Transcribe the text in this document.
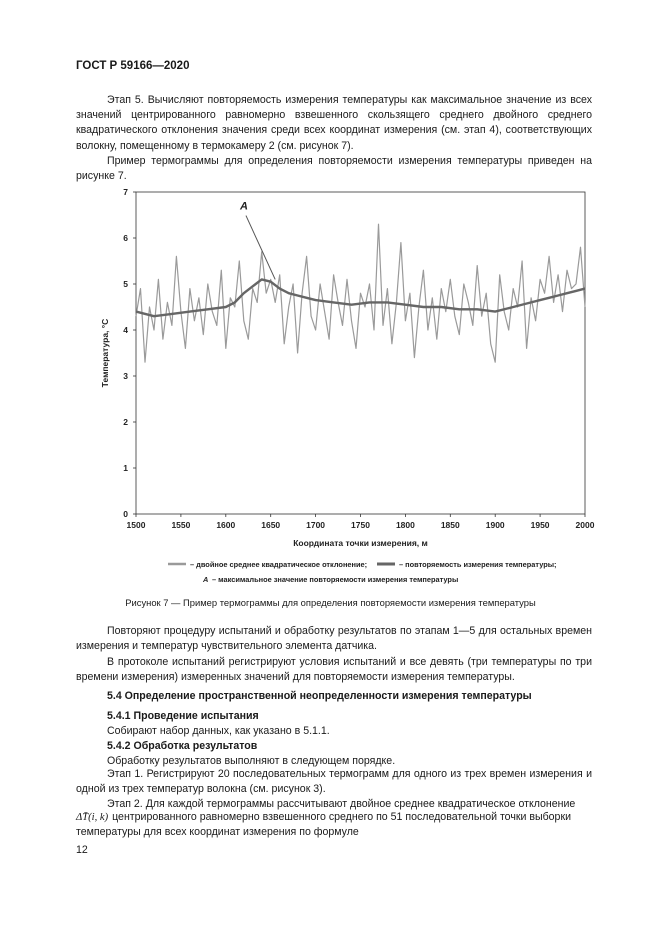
ГОСТ Р 59166—2020

Этап 5. Вычисляют повторяемость измерения температуры как максимальное значение из всех значений центрированного равномерно взвешенного скользящего среднего двойного среднего квадратического отклонения значения среди всех координат измерения (см. этап 4), соответствующих волокну, помещенному в термокамеру 2 (см. рисунок 7).

Пример термограммы для определения повторяемости измерения температуры приведен на рисунке 7.

0
1
2
3
4
5
6
7
1500	1550	1600	1650	1700	1750	1800	1850	1900	1950	2000
Координата точки измерения, м
Температура, °C
A
– двойное среднее квадратическое отклонение;	– повторяемость измерения температуры;
A – максимальное значение повторяемости измерения температуры

Рисунок 7 — Пример термограммы для определения повторяемости измерения температуры

Повторяют процедуру испытаний и обработку результатов по этапам 1—5 для остальных времен измерения и температур чувствительного элемента датчика.

В протоколе испытаний регистрируют условия испытаний и все девять (три температуры по три времени измерения) измеренных значений для повторяемости измерения температуры.

5.4 Определение пространственной неопределенности измерения температуры

5.4.1 Проведение испытания

Собирают набор данных, как указано в 5.1.1.

5.4.2 Обработка результатов

Обработку результатов выполняют в следующем порядке.

Этап 1. Регистрируют 20 последовательных термограмм для одного из трех времен измерения и одной из трех температур волокна (см. рисунок 3).

Этап 2. Для каждой термограммы рассчитывают двойное среднее квадратическое отклонение

ΔT̄(i, k) центрированного равномерно взвешенного среднего по 51 последовательной точки выборки температуры для всех координат измерения по формуле
12
